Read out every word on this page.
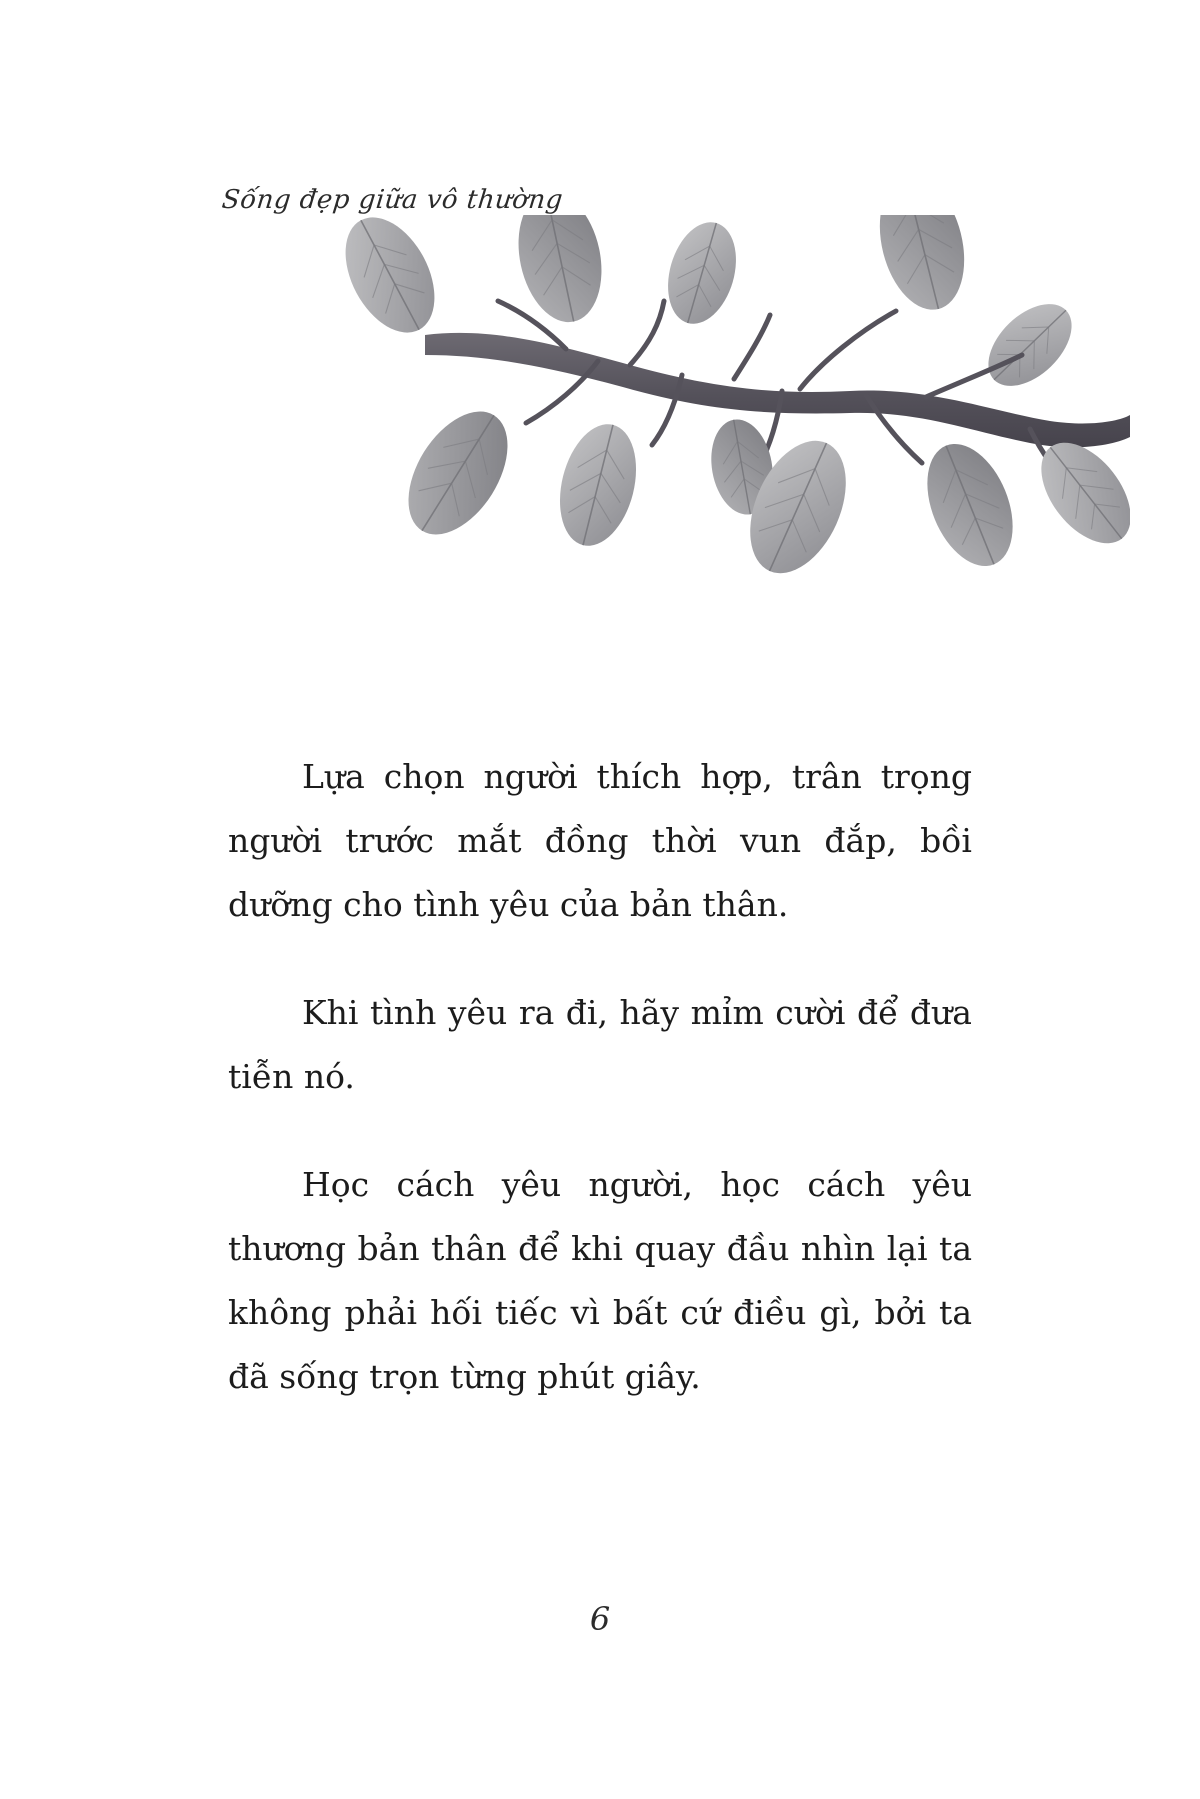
Sống đẹp giữa vô thường

Lựa chọn người thích hợp, trân trọng người trước mắt đồng thời vun đắp, bồi dưỡng cho tình yêu của bản thân.

Khi tình yêu ra đi, hãy mỉm cười để đưa tiễn nó.

Học cách yêu người, học cách yêu thương bản thân để khi quay đầu nhìn lại ta không phải hối tiếc vì bất cứ điều gì, bởi ta đã sống trọn từng phút giây.

6
